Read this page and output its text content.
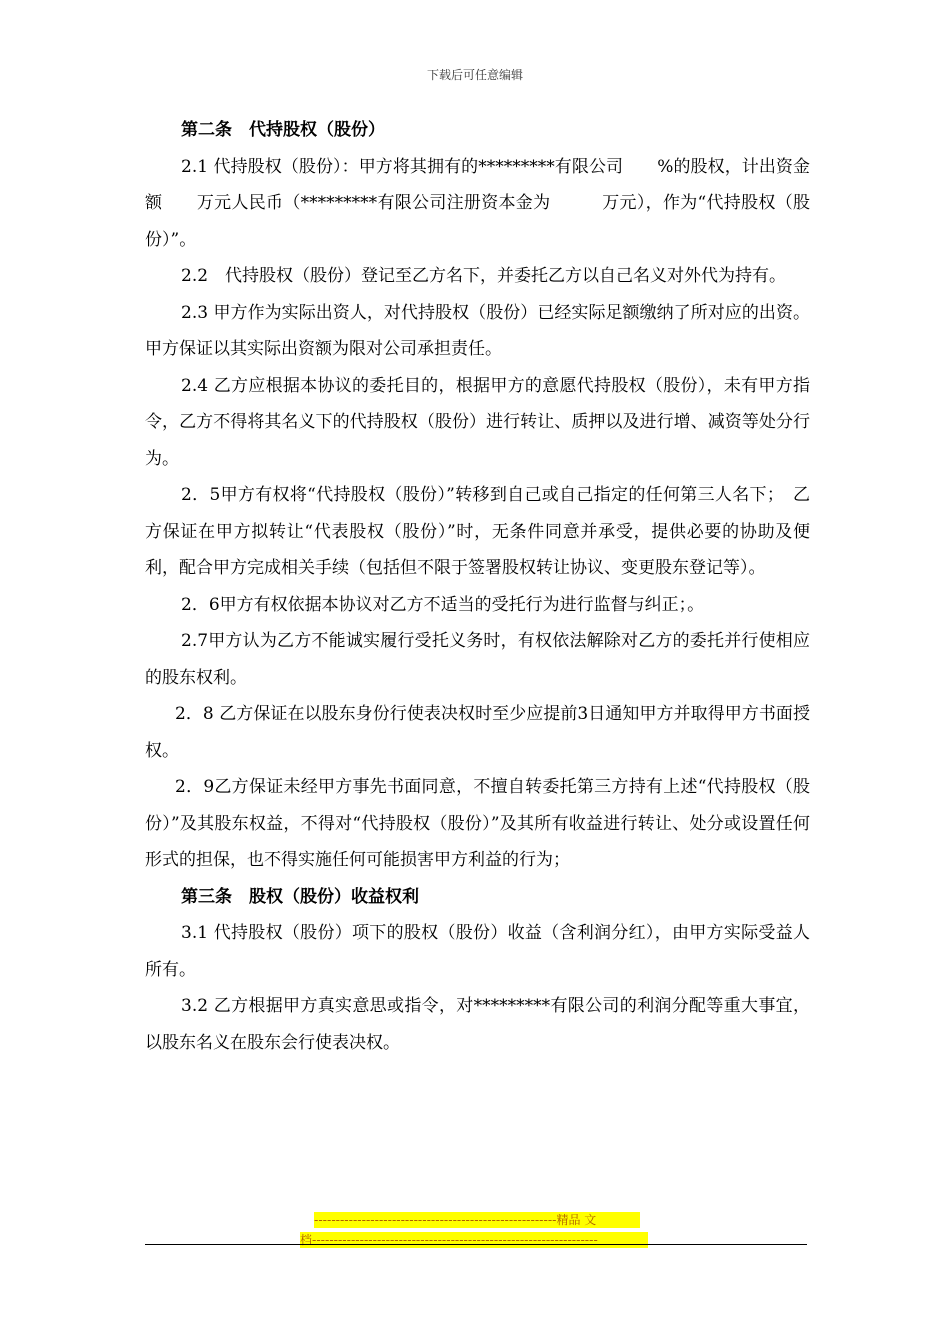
下载后可任意编辑

第二条　代持股权（股份）

2.1 代持股权（股份）：甲方将其拥有的*********有限公司　　%的股权，计出资金额　　万元人民币（*********有限公司注册资本金为　　　万元），作为“代持股权（股份）”。

2.2　代持股权（股份）登记至乙方名下，并委托乙方以自己名义对外代为持有。

2.3 甲方作为实际出资人，对代持股权（股份）已经实际足额缴纳了所对应的出资。甲方保证以其实际出资额为限对公司承担责任。

2.4 乙方应根据本协议的委托目的，根据甲方的意愿代持股权（股份），未有甲方指令，乙方不得将其名义下的代持股权（股份）进行转让、质押以及进行增、减资等处分行为。

2．5甲方有权将“代持股权（股份）”转移到自己或自己指定的任何第三人名下；　乙方保证在甲方拟转让“代表股权（股份）”时，无条件同意并承受，提供必要的协助及便利，配合甲方完成相关手续（包括但不限于签署股权转让协议、变更股东登记等）。

2．6甲方有权依据本协议对乙方不适当的受托行为进行监督与纠正；。

2.7甲方认为乙方不能诚实履行受托义务时，有权依法解除对乙方的委托并行使相应的股东权利。

2．8 乙方保证在以股东身份行使表决权时至少应提前3日通知甲方并取得甲方书面授权。

2．9乙方保证未经甲方事先书面同意，不擅自转委托第三方持有上述“代持股权（股份）”及其股东权益，不得对“代持股权（股份）”及其所有收益进行转让、处分或设置任何形式的担保，也不得实施任何可能损害甲方利益的行为；

第三条　股权（股份）收益权利

3.1 代持股权（股份）项下的股权（股份）收益（含利润分红），由甲方实际受益人所有。

3.2 乙方根据甲方真实意思或指令，对*********有限公司的利润分配等重大事宜，以股东名义在股东会行使表决权。

--------------------------------------------------------精品 文
档------------------------------------------------------------------
